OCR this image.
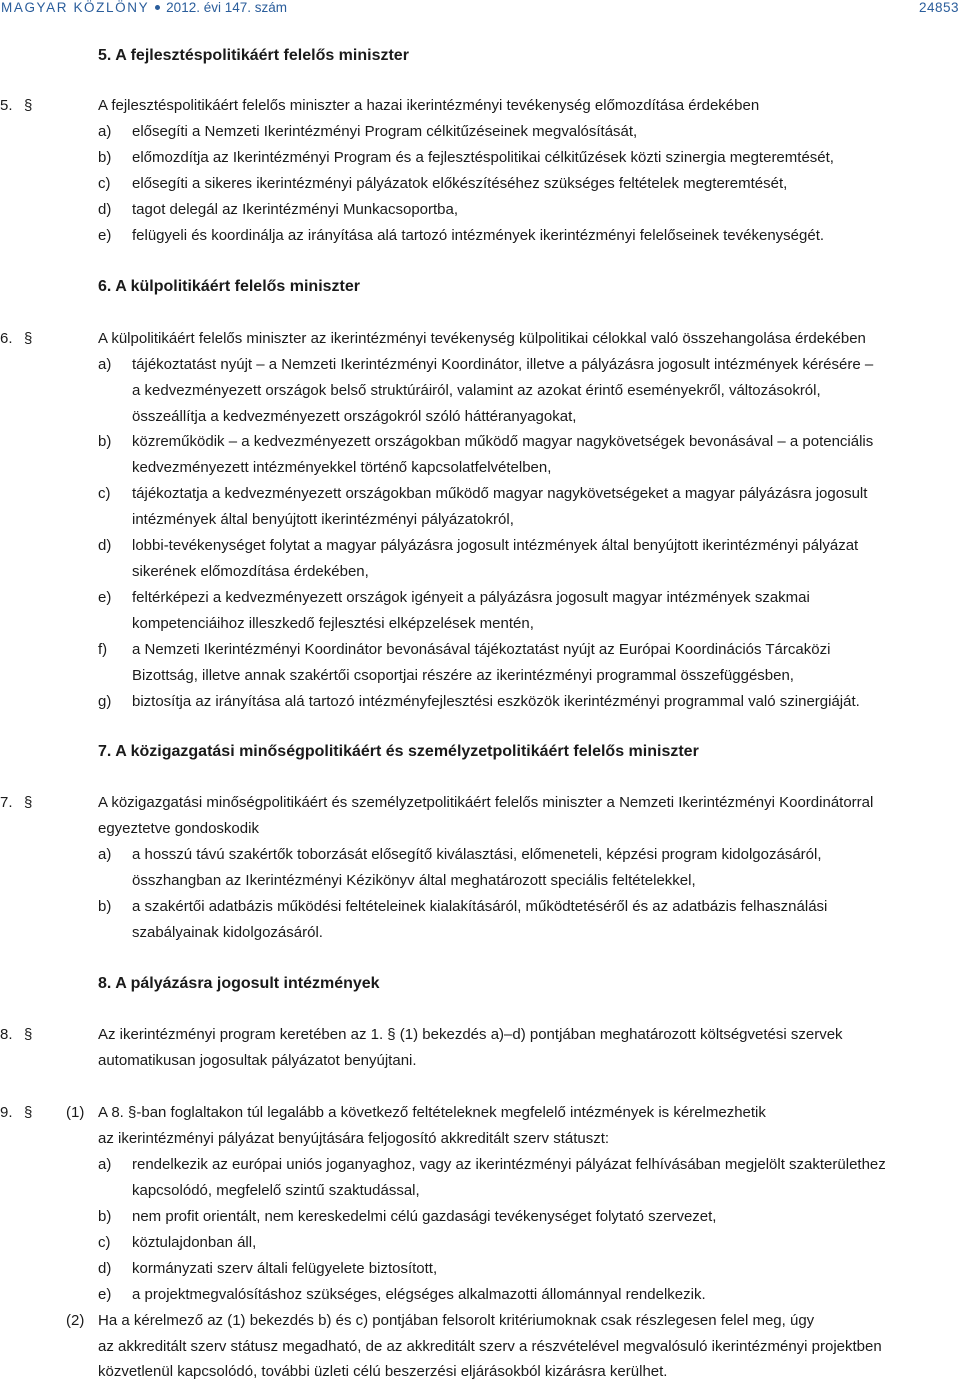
MAGYAR KÖZLÖNY 2012. évi 147. szám	24853
5. A fejlesztéspolitikáért felelős miniszter
5. §	A fejlesztéspolitikáért felelős miniszter a hazai ikerintézményi tevékenység előmozdítása érdekében
a) elősegíti a Nemzeti Ikerintézményi Program célkitűzéseinek megvalósítását,
b) előmozdítja az Ikerintézményi Program és a fejlesztéspolitikai célkitűzések közti szinergia megteremtését,
c) elősegíti a sikeres ikerintézményi pályázatok előkészítéséhez szükséges feltételek megteremtését,
d) tagot delegál az Ikerintézményi Munkacsoportba,
e) felügyeli és koordinálja az irányítása alá tartozó intézmények ikerintézményi felelőseinek tevékenységét.
6. A külpolitikáért felelős miniszter
6. §	A külpolitikáért felelős miniszter az ikerintézményi tevékenység külpolitikai célokkal való összehangolása érdekében
a) tájékoztatást nyújt – a Nemzeti Ikerintézményi Koordinátor, illetve a pályázásra jogosult intézmények kérésére –
a kedvezményezett országok belső struktúráiról, valamint az azokat érintő eseményekről, változásokról,
összeállítja a kedvezményezett országokról szóló háttéranyagokat,
b) közreműködik – a kedvezményezett országokban működő magyar nagykövetségek bevonásával – a potenciális
kedvezményezett intézményekkel történő kapcsolatfelvételben,
c) tájékoztatja a kedvezményezett országokban működő magyar nagykövetségeket a magyar pályázásra jogosult
intézmények által benyújtott ikerintézményi pályázatokról,
d) lobbi-tevékenységet folytat a magyar pályázásra jogosult intézmények által benyújtott ikerintézményi pályázat
sikerének előmozdítása érdekében,
e) feltérképezi a kedvezményezett országok igényeit a pályázásra jogosult magyar intézmények szakmai
kompetenciáihoz illeszkedő fejlesztési elképzelések mentén,
f) a Nemzeti Ikerintézményi Koordinátor bevonásával tájékoztatást nyújt az Európai Koordinációs Tárcaközi
Bizottság, illetve annak szakértői csoportjai részére az ikerintézményi programmal összefüggésben,
g) biztosítja az irányítása alá tartozó intézményfejlesztési eszközök ikerintézményi programmal való szinergiáját.
7. A közigazgatási minőségpolitikáért és személyzetpolitikáért felelős miniszter
7. §	A közigazgatási minőségpolitikáért és személyzetpolitikáért felelős miniszter a Nemzeti Ikerintézményi Koordinátorral
egyeztetve gondoskodik
a) a hosszú távú szakértők toborzását elősegítő kiválasztási, előmeneteli, képzési program kidolgozásáról,
összhangban az Ikerintézményi Kézikönyv által meghatározott speciális feltételekkel,
b) a szakértői adatbázis működési feltételeinek kialakításáról, működtetéséről és az adatbázis felhasználási
szabályainak kidolgozásáról.
8. A pályázásra jogosult intézmények
8. §	Az ikerintézményi program keretében az 1. § (1) bekezdés a)–d) pontjában meghatározott költségvetési szervek
automatikusan jogosultak pályázatot benyújtani.
9. § (1) A 8. §-ban foglaltakon túl legalább a következő feltételeknek megfelelő intézmények is kérelmezhetik
az ikerintézményi pályázat benyújtására feljogosító akkreditált szerv státuszt:
a) rendelkezik az európai uniós joganyaghoz, vagy az ikerintézményi pályázat felhívásában megjelölt szakterülethez
kapcsolódó, megfelelő szintű szaktudással,
b) nem profit orientált, nem kereskedelmi célú gazdasági tevékenységet folytató szervezet,
c) köztulajdonban áll,
d) kormányzati szerv általi felügyelete biztosított,
e) a projektmegvalósításhoz szükséges, elégséges alkalmazotti állománnyal rendelkezik.
(2) Ha a kérelmező az (1) bekezdés b) és c) pontjában felsorolt kritériumoknak csak részlegesen felel meg, úgy
az akkreditált szerv státusz megadható, de az akkreditált szerv a részvételével megvalósuló ikerintézményi projektben
közvetlenül kapcsolódó, további üzleti célú beszerzési eljárásokból kizárásra kerülhet.
